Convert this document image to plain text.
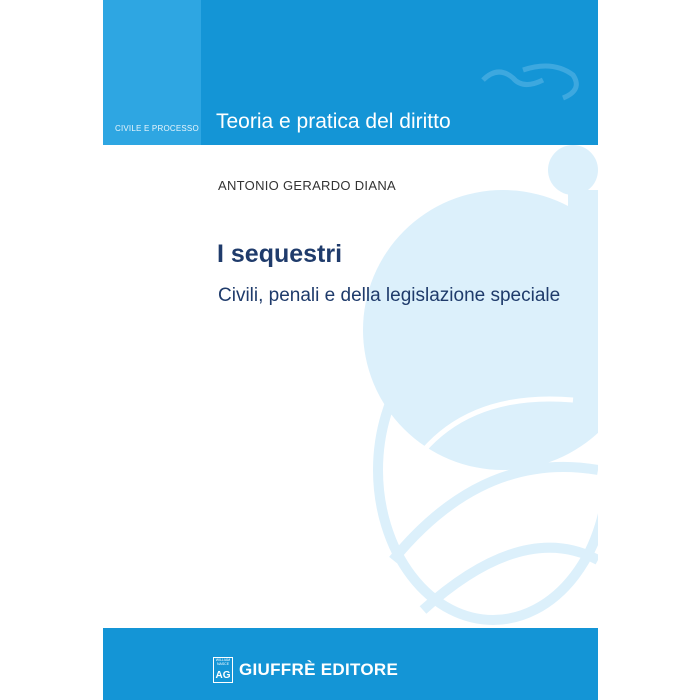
CIVILE E PROCESSO Teoria e pratica del diritto
ANTONIO GERARDO DIANA
I sequestri
Civili, penali e della legislazione speciale
WILLIAM NASCE
AG GIUFFRÈ EDITORE
